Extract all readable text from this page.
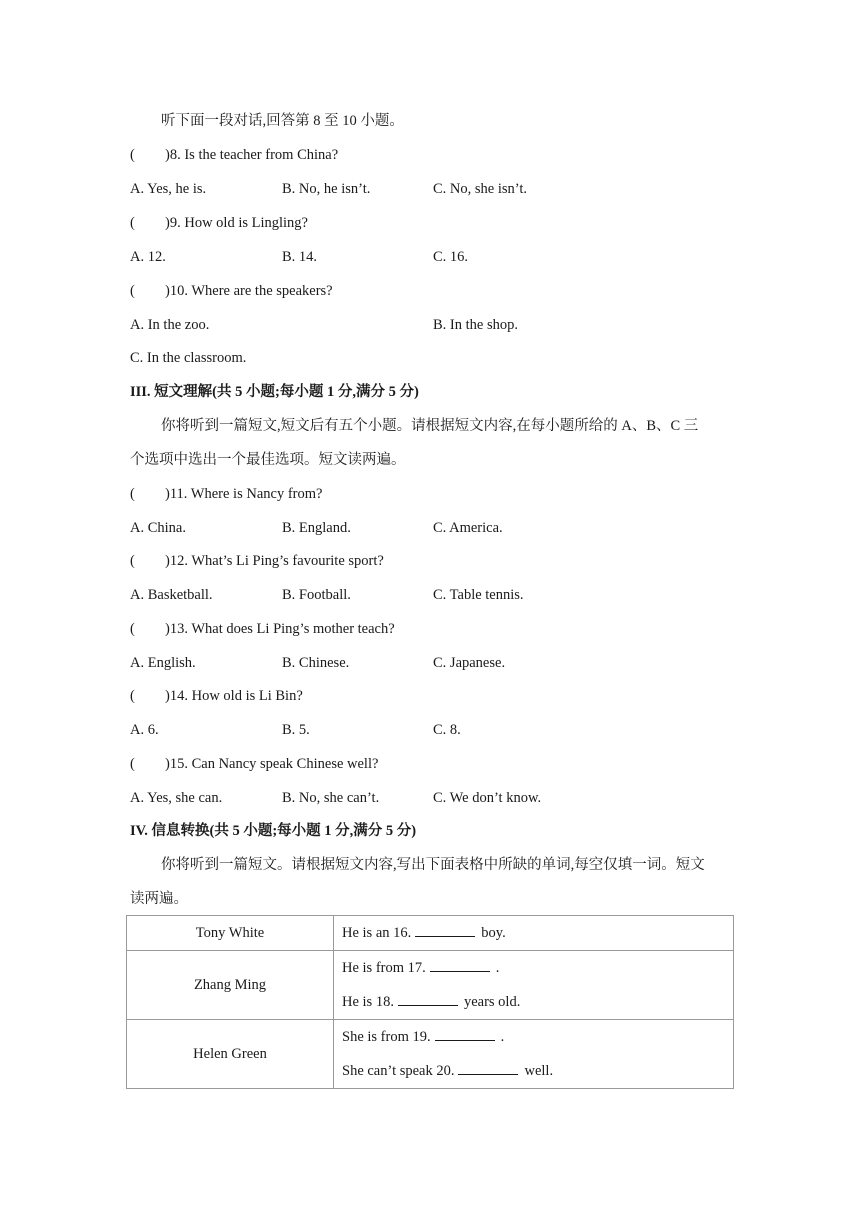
听下面一段对话,回答第 8 至 10 小题。
( )8. Is the teacher from China?
A. Yes, he is.	B. No, he isn’t.	C. No, she isn’t.
( )9. How old is Lingling?
A. 12.	B. 14.	C. 16.
( )10. Where are the speakers?
A. In the zoo.	B. In the shop.
C. In the classroom.
III. 短文理解(共 5 小题;每小题 1 分,满分 5 分)
你将听到一篇短文,短文后有五个小题。请根据短文内容,在每小题所给的 A、B、C 三
个选项中选出一个最佳选项。短文读两遍。
( )11. Where is Nancy from?
A. China.	B. England.	C. America.
( )12. What’s Li Ping’s favourite sport?
A. Basketball.	B. Football.	C. Table tennis.
( )13. What does Li Ping’s mother teach?
A. English.	B. Chinese.	C. Japanese.
( )14. How old is Li Bin?
A. 6.	B. 5.	C. 8.
( )15. Can Nancy speak Chinese well?
A. Yes, she can.	B. No, she can’t.	C. We don’t know.
IV. 信息转换(共 5 小题;每小题 1 分,满分 5 分)
你将听到一篇短文。请根据短文内容,写出下面表格中所缺的单词,每空仅填一词。短文
读两遍。
Tony White	He is an 16. boy.

Zhang Ming	He is from 17. .
He is 18. years old.

Helen Green	She is from 19. .
She can’t speak 20. well.
